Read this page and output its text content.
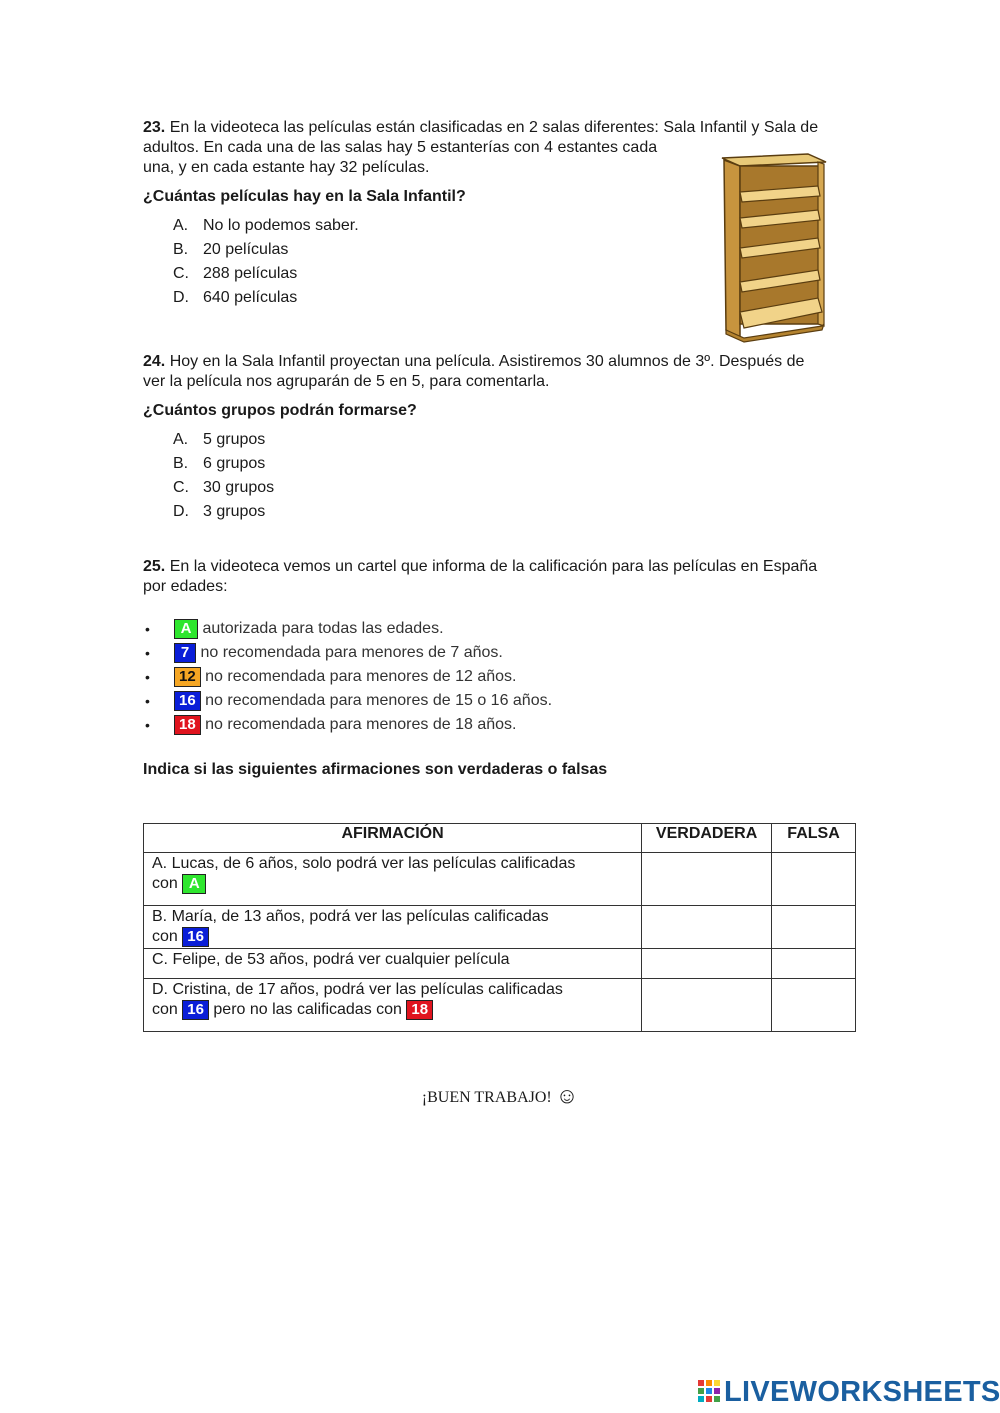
23. En la videoteca las películas están clasificadas en 2 salas diferentes: Sala Infantil y Sala de
adultos. En cada una de las salas hay 5 estanterías con 4 estantes cada
una, y en cada estante hay 32 películas.
¿Cuántas películas hay en la Sala Infantil?
A. No lo podemos saber.
B. 20 películas
C. 288 películas
D. 640 películas
24. Hoy en la Sala Infantil proyectan una película. Asistiremos 30 alumnos de 3º. Después de
ver la película nos agruparán de 5 en 5, para comentarla.
¿Cuántos grupos podrán formarse?
A. 5 grupos
B. 6 grupos
C. 30 grupos
D. 3 grupos
25. En la videoteca vemos un cartel que informa de la calificación para las películas en España
por edades:
•	A autorizada para todas las edades.
•	7 no recomendada para menores de 7 años.
•	12 no recomendada para menores de 12 años.
•	16 no recomendada para menores de 15 o 16 años.
•	18 no recomendada para menores de 18 años.
Indica si las siguientes afirmaciones son verdaderas o falsas
AFIRMACIÓN	VERDADERA	FALSA

A. Lucas, de 6 años, solo podrá ver las películas calificadas
con A		

B. María, de 13 años, podrá ver las películas calificadas
con 16		

C. Felipe, de 53 años, podrá ver cualquier película		

D. Cristina, de 17 años, podrá ver las películas calificadas
con 16 pero no las calificadas con 18		

¡BUEN TRABAJO! ☺
LIVEWORKSHEETS
